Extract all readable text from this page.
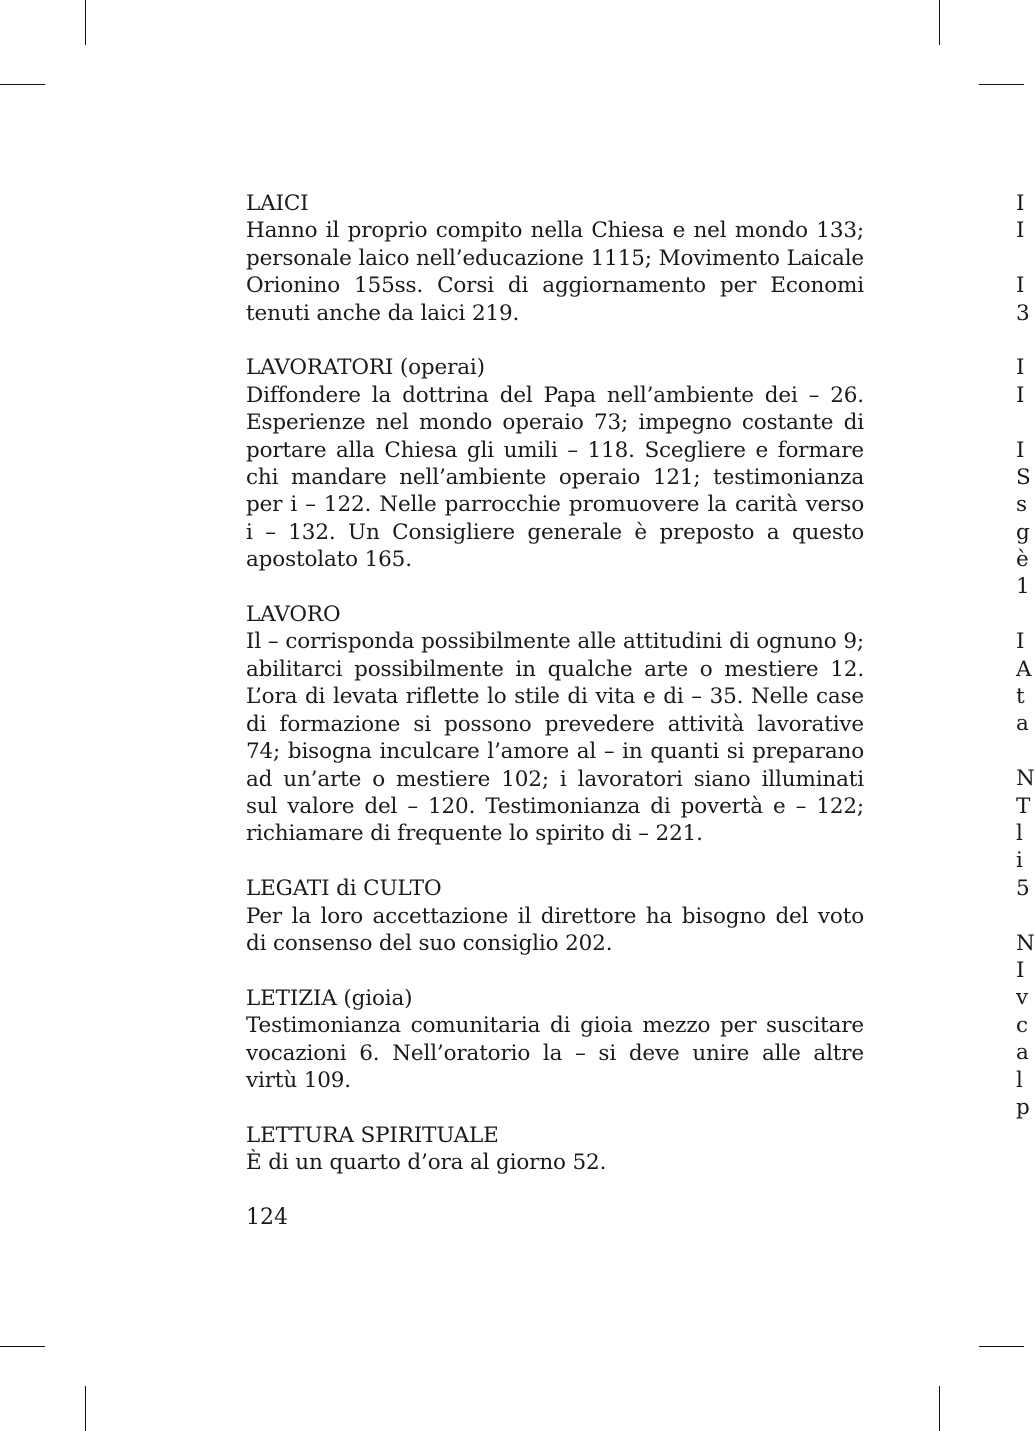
LAICI
Hanno il proprio compito nella Chiesa e nel mondo 133; personale laico nell’educazione 1115; Movimento Laicale Orionino 155ss. Corsi di aggiornamento per Economi tenuti anche da laici 219.
LAVORATORI (operai)
Diffondere la dottrina del Papa nell’ambiente dei – 26. Esperienze nel mondo operaio 73; impegno costante di portare alla Chiesa gli umili – 118. Scegliere e formare chi mandare nell’ambiente operaio 121; testimonianza per i – 122. Nelle parrocchie promuovere la carità verso i – 132. Un Consigliere generale è preposto a questo apostolato 165.
LAVORO
Il – corrisponda possibilmente alle attitudini di ognuno 9; abilitarci possibilmente in qualche arte o mestiere 12. L’ora di levata riflette lo stile di vita e di – 35. Nelle case di formazione si possono prevedere attività lavorative 74; bisogna inculcare l’amore al – in quanti si preparano ad un’arte o mestiere 102; i lavoratori siano illuminati sul valore del – 120. Testimonianza di povertà e – 122; richiamare di frequente lo spirito di – 221.
LEGATI di CULTO
Per la loro accettazione il direttore ha bisogno del voto di consenso del suo consiglio 202.
LETIZIA (gioia)
Testimonianza comunitaria di gioia mezzo per suscitare vocazioni 6. Nell’oratorio la – si deve unire alle altre virtù 109.
LETTURA SPIRITUALE
È di un quarto d’ora al giorno 52.
124
I
I
I
3
I
I
I
S
s
g
è
1
I
A
t
a
N
T
l
i
5
N
I
v
c
a
l
p
